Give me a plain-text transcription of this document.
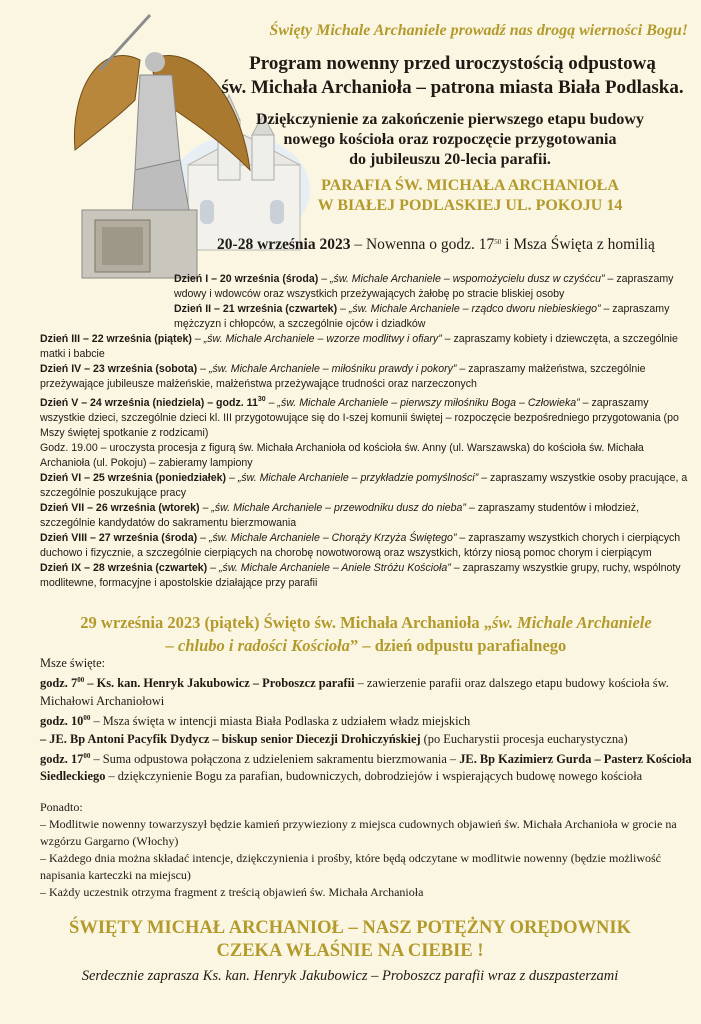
Święty Michale Archaniele prowadź nas drogą wierności Bogu!
Program nowenny przed uroczystością odpustową
św. Michała Archanioła – patrona miasta Biała Podlaska.
Dziękczynienie za zakończenie pierwszego etapu budowy
nowego kościoła oraz rozpoczęcie przygotowania
do jubileuszu 20-lecia parafii.
PARAFIA ŚW. MICHAŁA ARCHANIOŁA
W BIAŁEJ PODLASKIEJ UL. POKOJU 14
20-28 września 2023 – Nowenna o godz. $17^{50}$ i Msza Święta z homilią
Dzień I – 20 września (środa) – „św. Michale Archaniele – wspomożycielu dusz w czyśćcu” – zapraszamy wdowy i wdowców oraz wszystkich przeżywających żałobę po stracie bliskiej osoby
Dzień II – 21 września (czwartek) – „św. Michale Archaniele – rządco dworu niebieskiego” – zapraszamy mężczyzn i chłopców, a szczególnie ojców i dziadków

Dzień III – 22 września (piątek) – „św. Michale Archaniele – wzorze modlitwy i ofiary” – zapraszamy kobiety i dziewczęta, a szczególnie matki i babcie

Dzień IV – 23 września (sobota) – „św. Michale Archaniele – miłośniku prawdy i pokory” – zapraszamy małżeństwa, szczególnie przeżywające jubileusze małżeńskie, małżeństwa przeżywające trudności oraz narzeczonych

Dzień V – 24 września (niedziela) – godz. $11^{30}$ – „św. Michale Archaniele – pierwszy miłośniku Boga – Człowieka” – zapraszamy wszystkie dzieci, szczególnie dzieci kl. III przygotowujące się do I-szej komunii świętej – rozpoczęcie bezpośredniego przygotowania (po Mszy świętej spotkanie z rodzicami)

Godz. 19.00 – uroczysta procesja z figurą św. Michała Archanioła od kościoła św. Anny (ul. Warszawska) do kościoła św. Michała Archanioła (ul. Pokoju) – zabieramy lampiony

Dzień VI – 25 września (poniedziałek) – „św. Michale Archaniele – przykładzie pomyślności” – zapraszamy wszystkie osoby pracujące, a szczególnie poszukujące pracy

Dzień VII – 26 września (wtorek) – „św. Michale Archaniele – przewodniku dusz do nieba” – zapraszamy studentów i młodzież, szczególnie kandydatów do sakramentu bierzmowania

Dzień VIII – 27 września (środa) – „św. Michale Archaniele – Chorąży Krzyża Świętego” – zapraszamy wszystkich chorych i cierpiących duchowo i fizycznie, a szczególnie cierpiących na chorobę nowotworową oraz wszystkich, którzy niosą pomoc chorym i cierpiącym

Dzień IX – 28 września (czwartek) – „św. Michale Archaniele – Aniele Stróżu Kościoła” – zapraszamy wszystkie grupy, ruchy, wspólnoty modlitewne, formacyjne i apostolskie działające przy parafii

29 września 2023 (piątek) Święto św. Michała Archanioła „św. Michale Archaniele
– chlubo i radości Kościoła” – dzień odpustu parafialnego

Msze święte:

godz. $7^{00}$ – Ks. kan. Henryk Jakubowicz – Proboszcz parafii – zawierzenie parafii oraz dalszego etapu budowy kościoła św. Michałowi Archaniołowi

godz. $10^{00}$ – Msza święta w intencji miasta Biała Podlaska z udziałem władz miejskich

– JE. Bp Antoni Pacyfik Dydycz – biskup senior Diecezji Drohiczyńskiej (po Eucharystii procesja eucharystyczna)

godz. $17^{00}$ – Suma odpustowa połączona z udzieleniem sakramentu bierzmowania – JE. Bp Kazimierz Gurda – Pasterz Kościoła Siedleckiego – dziękczynienie Bogu za parafian, budowniczych, dobrodziejów i wspierających budowę nowego kościoła

Ponadto:

– Modlitwie nowenny towarzyszył będzie kamień przywieziony z miejsca cudownych objawień św. Michała Archanioła w grocie na wzgórzu Gargarno (Włochy)

– Każdego dnia można składać intencje, dziękczynienia i prośby, które będą odczytane w modlitwie nowenny (będzie możliwość napisania karteczki na miejscu)

– Każdy uczestnik otrzyma fragment z treścią objawień św. Michała Archanioła

ŚWIĘTY MICHAŁ ARCHANIOŁ – NASZ POTĘŻNY ORĘDOWNIK
CZEKA WŁAŚNIE NA CIEBIE !
Serdecznie zaprasza Ks. kan. Henryk Jakubowicz – Proboszcz parafii wraz z duszpasterzami
